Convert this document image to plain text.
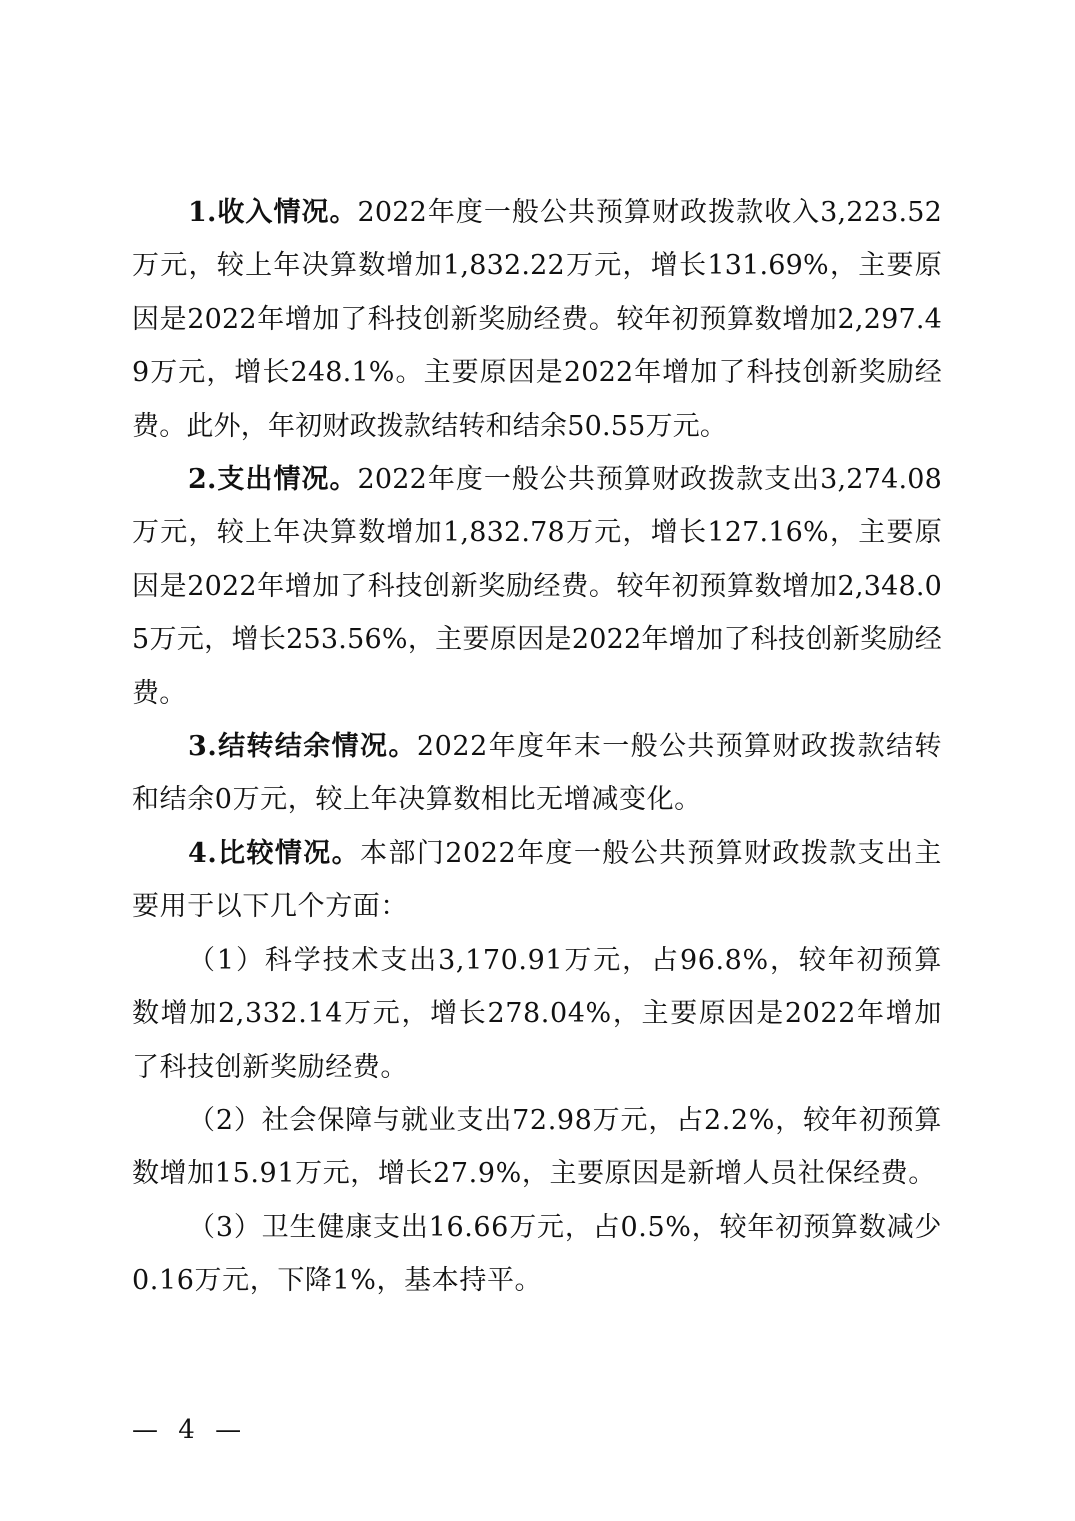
1.收入情况。2022年度一般公共预算财政拨款收入3,223.52万元，较上年决算数增加1,832.22万元，增长131.69%，主要原因是2022年增加了科技创新奖励经费。较年初预算数增加2,297.49万元，增长248.1%。主要原因是2022年增加了科技创新奖励经费。此外，年初财政拨款结转和结余50.55万元。

2.支出情况。2022年度一般公共预算财政拨款支出3,274.08万元，较上年决算数增加1,832.78万元，增长127.16%，主要原因是2022年增加了科技创新奖励经费。较年初预算数增加2,348.05万元，增长253.56%，主要原因是2022年增加了科技创新奖励经费。

3.结转结余情况。2022年度年末一般公共预算财政拨款结转和结余0万元，较上年决算数相比无增减变化。

4.比较情况。本部门2022年度一般公共预算财政拨款支出主要用于以下几个方面：

（1）科学技术支出3,170.91万元，占96.8%，较年初预算数增加2,332.14万元，增长278.04%，主要原因是2022年增加了科技创新奖励经费。

（2）社会保障与就业支出72.98万元，占2.2%，较年初预算数增加15.91万元，增长27.9%，主要原因是新增人员社保经费。

（3）卫生健康支出16.66万元，占0.5%，较年初预算数减少0.16万元，下降1%，基本持平。

— 4 —
